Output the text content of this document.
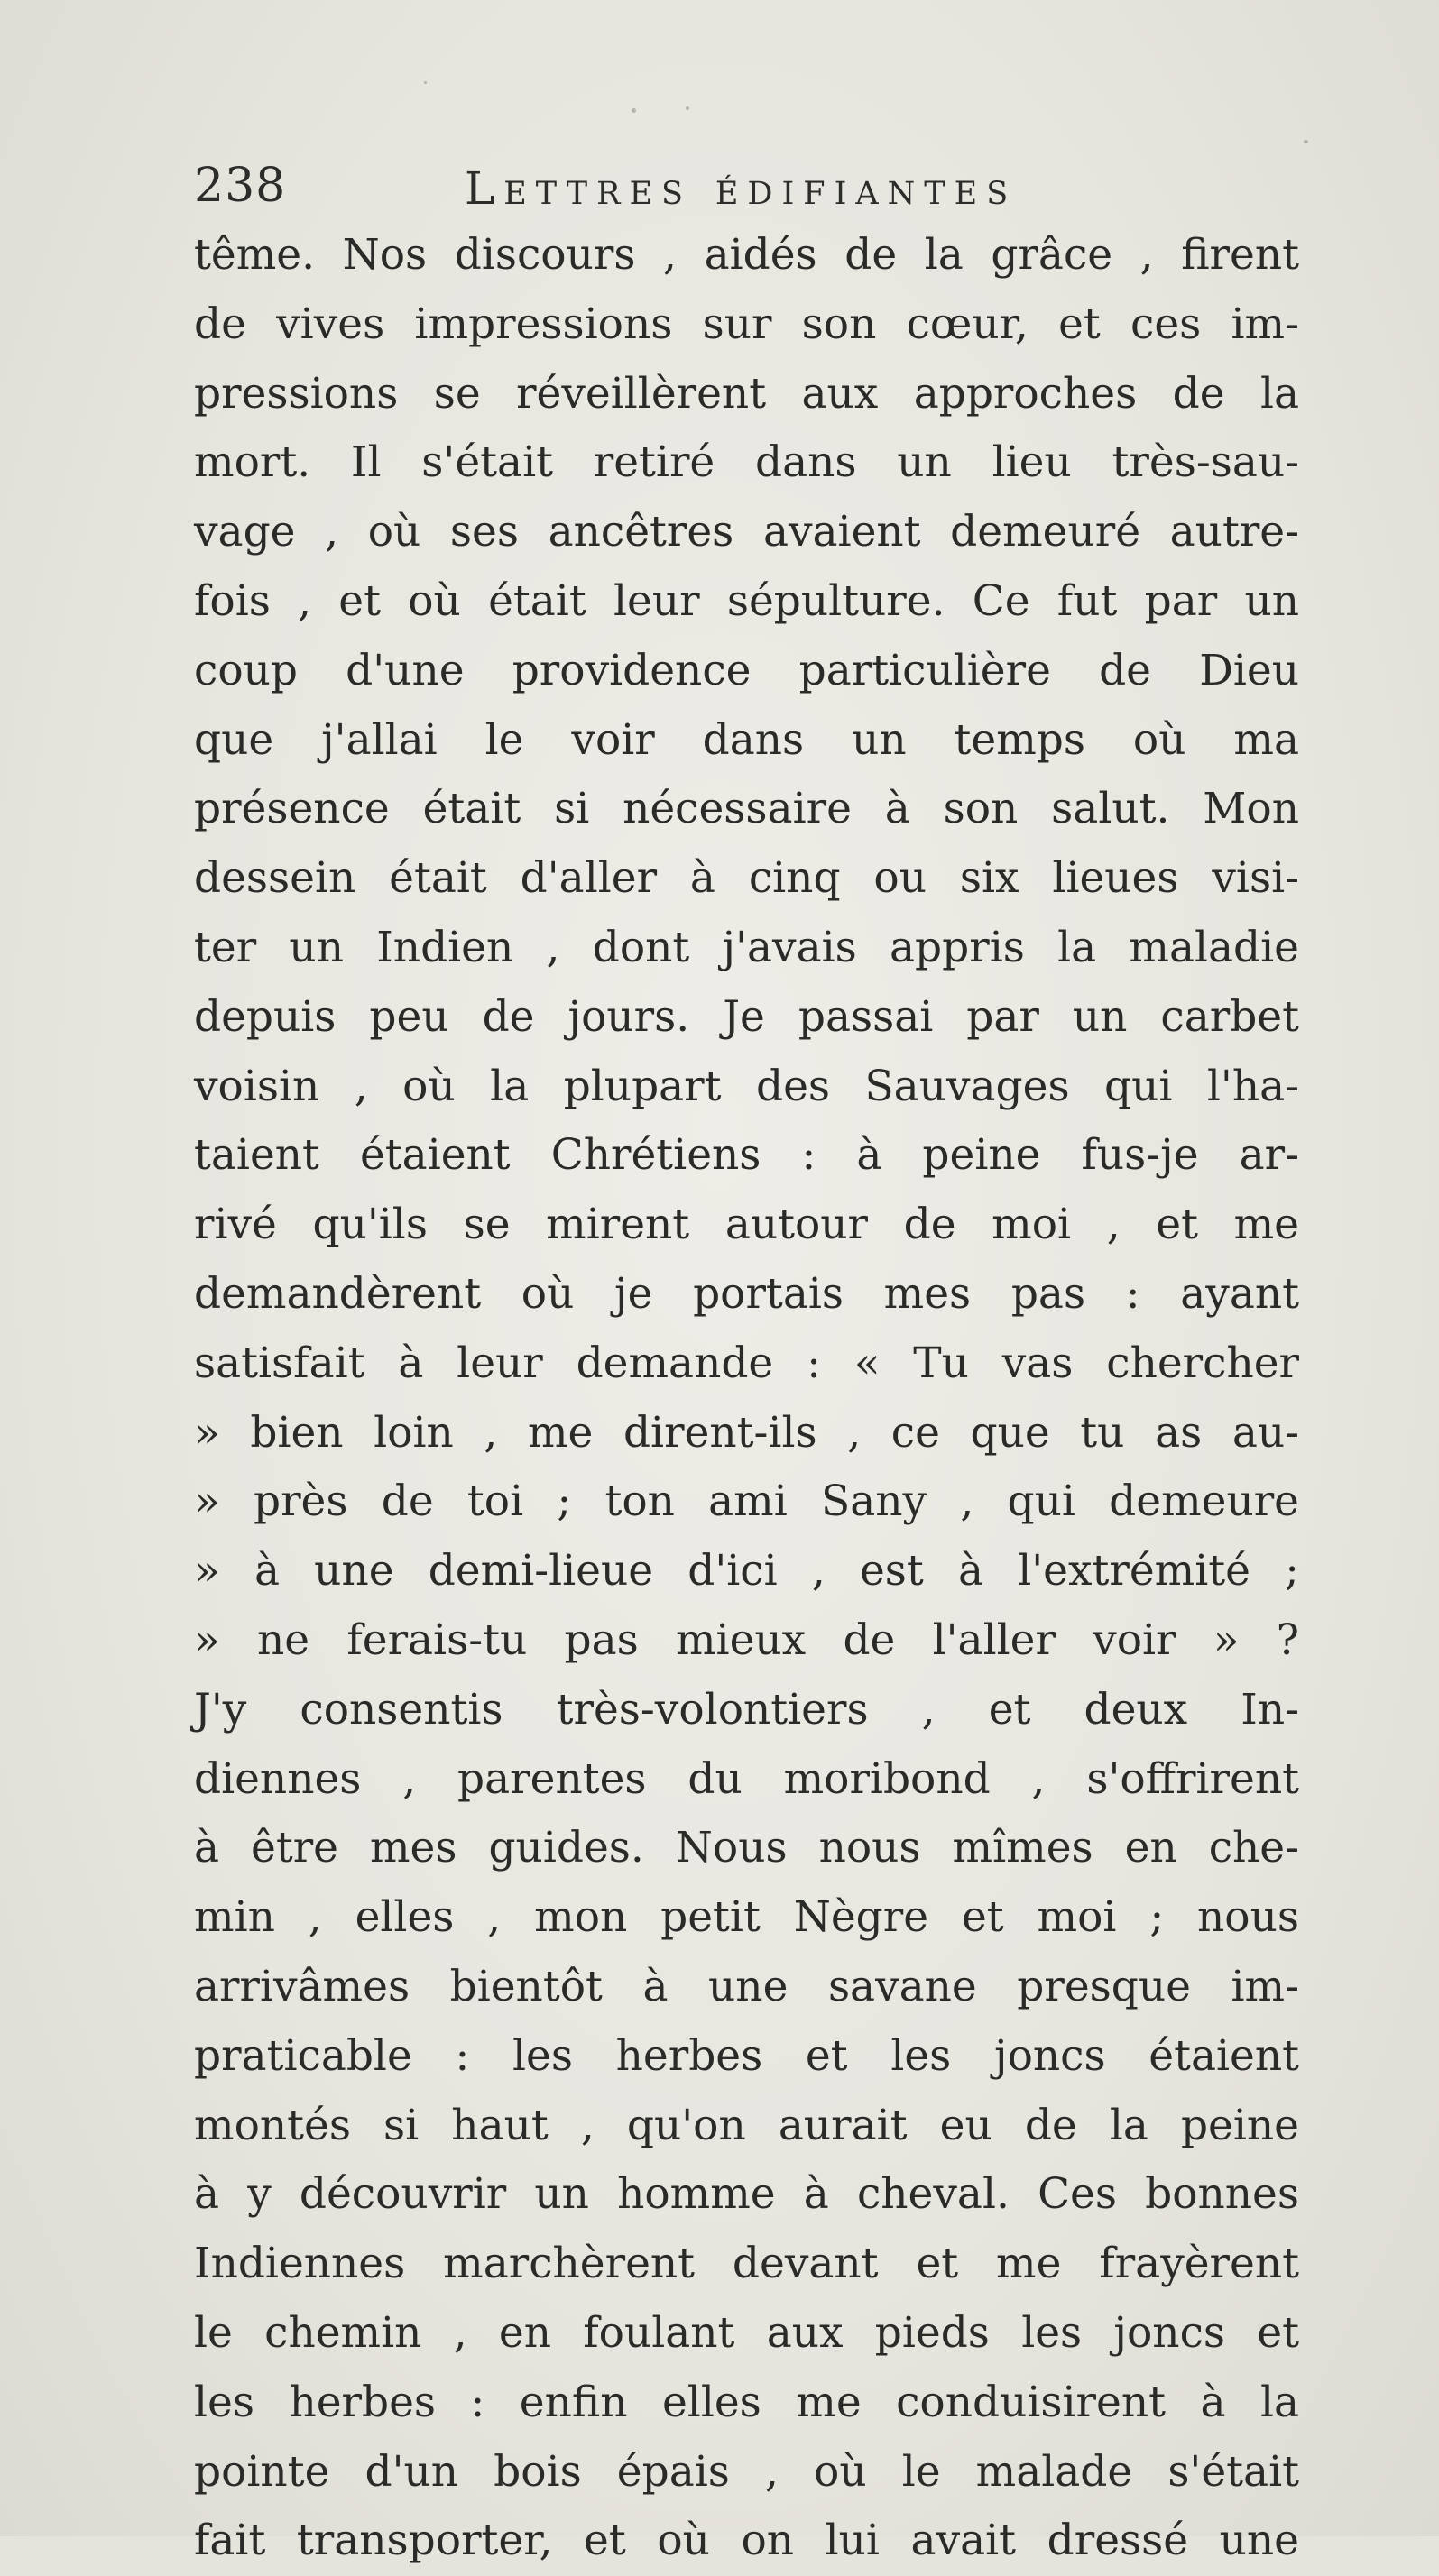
238	Lettres édifiantes
tême. Nos discours , aidés de la grâce , firent
de vives impressions sur son cœur, et ces im-
pressions se réveillèrent aux approches de la
mort. Il s'était retiré dans un lieu très-sau-
vage , où ses ancêtres avaient demeuré autre-
fois , et où était leur sépulture. Ce fut par un
coup d'une providence particulière de Dieu
que j'allai le voir dans un temps où ma
présence était si nécessaire à son salut. Mon
dessein était d'aller à cinq ou six lieues visi-
ter un Indien , dont j'avais appris la maladie
depuis peu de jours. Je passai par un carbet
voisin , où la plupart des Sauvages qui l'ha-
taient étaient Chrétiens : à peine fus-je ar-
rivé qu'ils se mirent autour de moi , et me
demandèrent où je portais mes pas : ayant
satisfait à leur demande : « Tu vas chercher
» bien loin , me dirent-ils , ce que tu as au-
» près de toi ; ton ami Sany , qui demeure
» à une demi-lieue d'ici , est à l'extrémité ;
» ne ferais-tu pas mieux de l'aller voir » ?
J'y consentis très-volontiers , et deux In-
diennes , parentes du moribond , s'offrirent
à être mes guides. Nous nous mîmes en che-
min , elles , mon petit Nègre et moi ; nous
arrivâmes bientôt à une savane presque im-
praticable : les herbes et les joncs étaient
montés si haut , qu'on aurait eu de la peine
à y découvrir un homme à cheval. Ces bonnes
Indiennes marchèrent devant et me frayèrent
le chemin , en foulant aux pieds les joncs et
les herbes : enfin elles me conduisirent à la
pointe d'un bois épais , où le malade s'était
fait transporter, et où on lui avait dressé une
